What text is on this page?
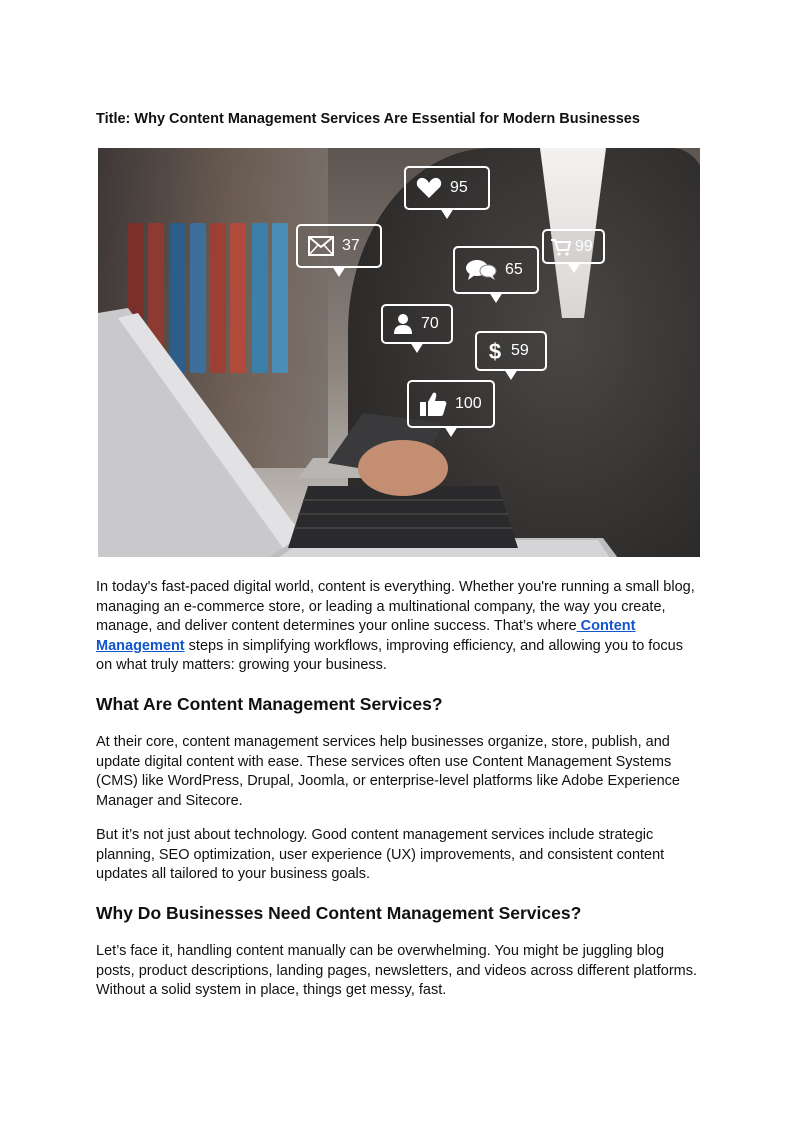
Title: Why Content Management Services Are Essential for Modern Businesses
95
37	99
65
70
$ 59
100

In today's fast-paced digital world, content is everything. Whether you're running a small blog, managing an e-commerce store, or leading a multinational company, the way you create, manage, and deliver content determines your online success. That’s where Content Management steps in simplifying workflows, improving efficiency, and allowing you to focus on what truly matters: growing your business.

What Are Content Management Services?

At their core, content management services help businesses organize, store, publish, and update digital content with ease. These services often use Content Management Systems (CMS) like WordPress, Drupal, Joomla, or enterprise-level platforms like Adobe Experience Manager and Sitecore.

But it’s not just about technology. Good content management services include strategic planning, SEO optimization, user experience (UX) improvements, and consistent content updates all tailored to your business goals.

Why Do Businesses Need Content Management Services?

Let’s face it, handling content manually can be overwhelming. You might be juggling blog posts, product descriptions, landing pages, newsletters, and videos across different platforms. Without a solid system in place, things get messy, fast.
